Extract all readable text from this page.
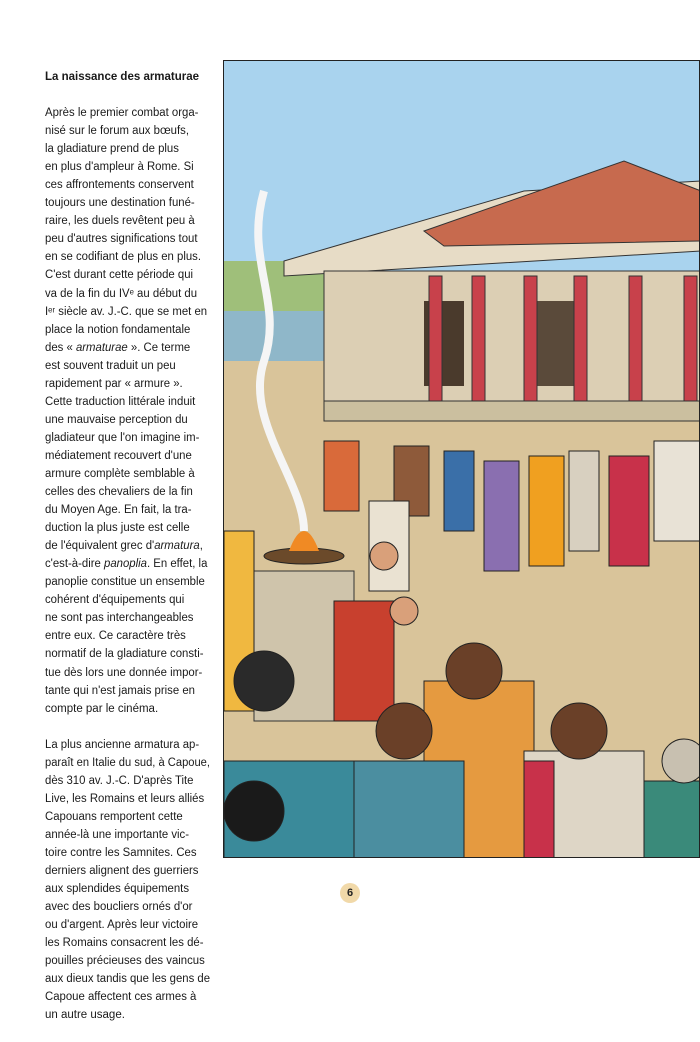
La naissance des armaturae
Après le premier combat orga-
nisé sur le forum aux bœufs,
la gladiature prend de plus
en plus d'ampleur à Rome. Si
ces affrontements conservent
toujours une destination funé-
raire, les duels revêtent peu à
peu d'autres significations tout
en se codifiant de plus en plus.
C'est durant cette période qui
va de la fin du IVᵉ au début du
Iᵉʳ siècle av. J.-C. que se met en
place la notion fondamentale
des « armaturae ». Ce terme
est souvent traduit un peu
rapidement par « armure ».
Cette traduction littérale induit
une mauvaise perception du
gladiateur que l'on imagine im-
médiatement recouvert d'une
armure complète semblable à
celles des chevaliers de la fin
du Moyen Age. En fait, la tra-
duction la plus juste est celle
de l'équivalent grec d'armatura,
c'est-à-dire panoplia. En effet, la
panoplie constitue un ensemble
cohérent d'équipements qui
ne sont pas interchangeables
entre eux. Ce caractère très
normatif de la gladiature consti-
tue dès lors une donnée impor-
tante qui n'est jamais prise en
compte par le cinéma.
La plus ancienne armatura ap-
paraît en Italie du sud, à Capoue,
dès 310 av. J.-C. D'après Tite
Live, les Romains et leurs alliés
Capouans remportent cette
année-là une importante vic-
toire contre les Samnites. Ces
derniers alignent des guerriers
aux splendides équipements
avec des boucliers ornés d'or
ou d'argent. Après leur victoire
les Romains consacrent les dé-
pouilles précieuses des vaincus
aux dieux tandis que les gens de
Capoue affectent ces armes à
un autre usage.
6
